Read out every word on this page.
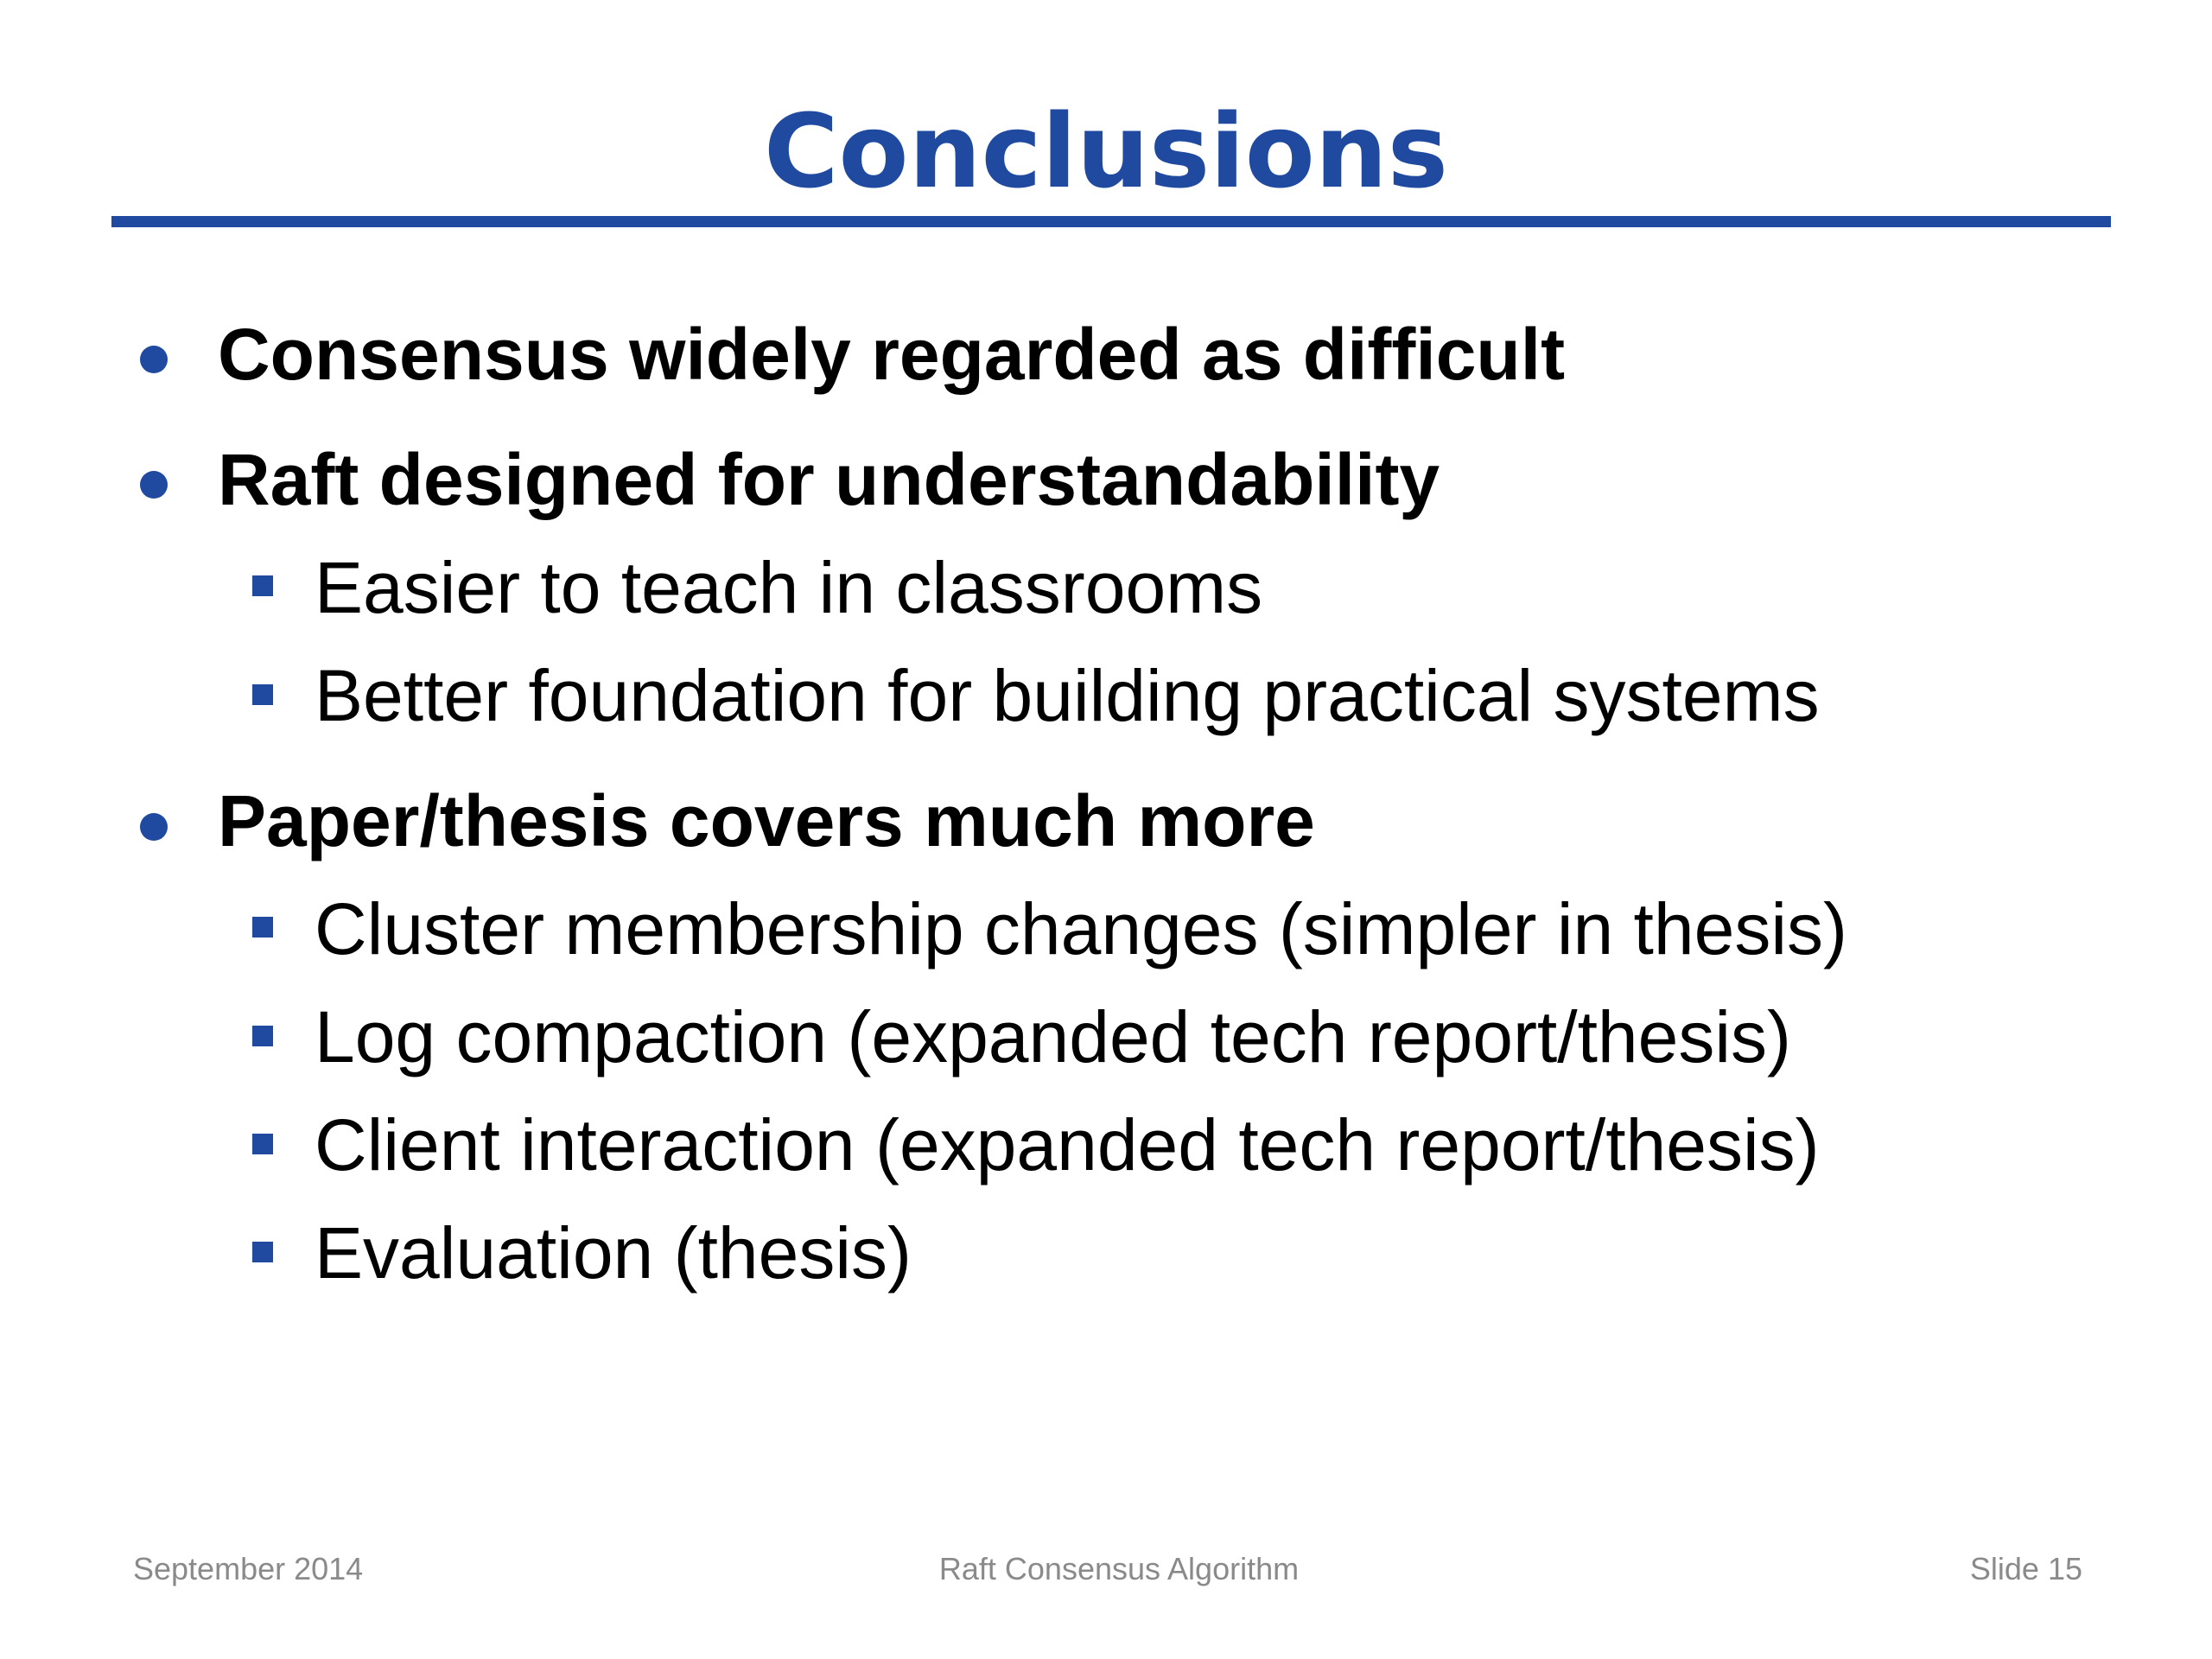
Conclusions
Consensus widely regarded as difficult
Raft designed for understandability
Easier to teach in classrooms
Better foundation for building practical systems
Paper/thesis covers much more
Cluster membership changes (simpler in thesis)
Log compaction (expanded tech report/thesis)
Client interaction (expanded tech report/thesis)
Evaluation (thesis)
September 2014	Raft Consensus Algorithm	Slide 15
